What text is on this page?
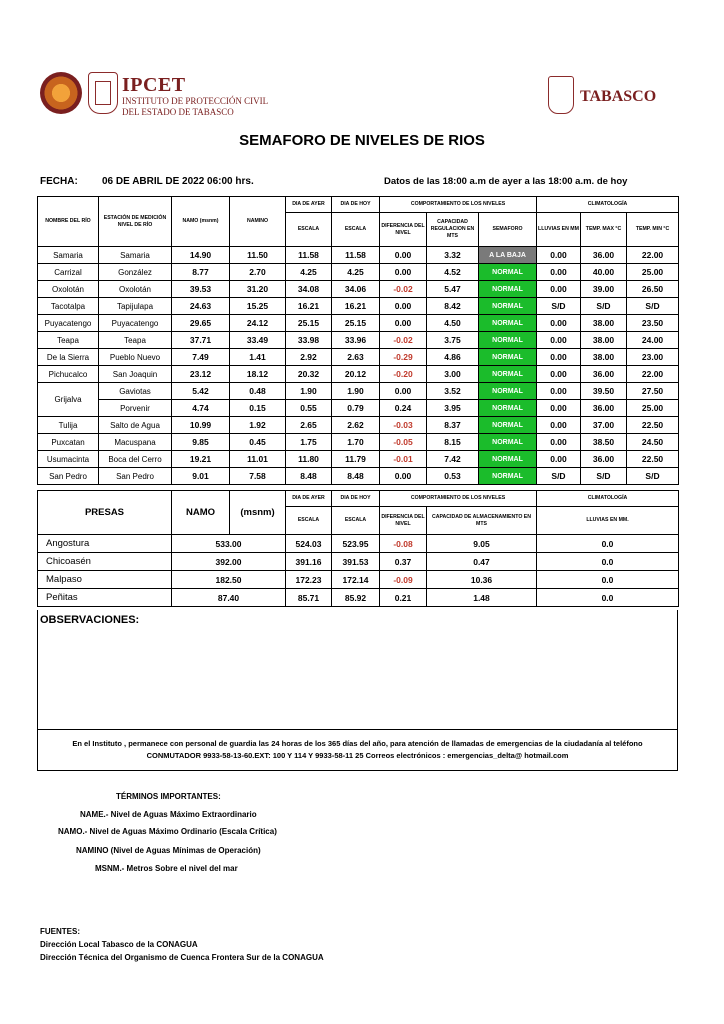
IPCET
INSTITUTO DE PROTECCIÓN CIVIL
DEL ESTADO DE TABASCO
TABASCO
SEMAFORO DE NIVELES DE RIOS
FECHA: 06 DE ABRIL DE 2022 06:00 hrs.	Datos de las 18:00 a.m de ayer a las 18:00 a.m. de hoy
NOMBRE DEL RÍO	ESTACIÓN DE MEDICIÓN NIVEL DE RÍO	NAMO (msnm)	NAMINO	DIA DE AYER	DIA DE HOY	COMPORTAMIENTO DE LOS NIVELES			CLIMATOLOGÍA		
				ESCALA	ESCALA	DIFERENCIA DEL NIVEL	CAPACIDAD REGULACION EN MTS	SEMAFORO	LLUVIAS EN MM	TEMP. MAX °C	TEMP. MIN °C
Samaria	Samaria	14.90	11.50	11.58	11.58	0.00	3.32	A LA BAJA	0.00	36.00	22.00
Carrizal	González	8.77	2.70	4.25	4.25	0.00	4.52	NORMAL	0.00	40.00	25.00
Oxolotán	Oxolotán	39.53	31.20	34.08	34.06	-0.02	5.47	NORMAL	0.00	39.00	26.50
Tacotalpa	Tapijulapa	24.63	15.25	16.21	16.21	0.00	8.42	NORMAL	S/D	S/D	S/D
Puyacatengo	Puyacatengo	29.65	24.12	25.15	25.15	0.00	4.50	NORMAL	0.00	38.00	23.50
Teapa	Teapa	37.71	33.49	33.98	33.96	-0.02	3.75	NORMAL	0.00	38.00	24.00
De la Sierra	Pueblo Nuevo	7.49	1.41	2.92	2.63	-0.29	4.86	NORMAL	0.00	38.00	23.00
Pichucalco	San Joaquin	23.12	18.12	20.32	20.12	-0.20	3.00	NORMAL	0.00	36.00	22.00
Grijalva	Gaviotas	5.42	0.48	1.90	1.90	0.00	3.52	NORMAL	0.00	39.50	27.50
	Porvenir	4.74	0.15	0.55	0.79	0.24	3.95	NORMAL	0.00	36.00	25.00
Tulija	Salto de Agua	10.99	1.92	2.65	2.62	-0.03	8.37	NORMAL	0.00	37.00	22.50
Puxcatan	Macuspana	9.85	0.45	1.75	1.70	-0.05	8.15	NORMAL	0.00	38.50	24.50
Usumacinta	Boca del Cerro	19.21	11.01	11.80	11.79	-0.01	7.42	NORMAL	0.00	36.00	22.50
San Pedro	San Pedro	9.01	7.58	8.48	8.48	0.00	0.53	NORMAL	S/D	S/D	S/D
PRESAS	NAMO	(msnm)	DIA DE AYER	DIA DE HOY	COMPORTAMIENTO DE LOS NIVELES		CLIMATOLOGÍA
			ESCALA	ESCALA	DIFERENCIA DEL NIVEL	CAPACIDAD DE ALMACENAMIENTO EN MTS	LLUVIAS EN MM.
Angostura	533.00		524.03	523.95	-0.08	9.05	0.0
Chicoasén	392.00		391.16	391.53	0.37	0.47	0.0
Malpaso	182.50		172.23	172.14	-0.09	10.36	0.0
Peñitas	87.40		85.71	85.92	0.21	1.48	0.0
OBSERVACIONES:
En el Instituto , permanece con personal de guardia las 24 horas de los 365 días del año, para atención de llamadas de emergencias de la ciudadanía al teléfono
CONMUTADOR 9933-58-13-60.EXT: 100 Y 114 Y 9933-58-11 25 Correos electrónicos : emergencias_delta@ hotmail.com
TÉRMINOS IMPORTANTES:
NAME.- Nivel de Aguas Máximo Extraordinario
NAMO.- Nivel de Aguas Máximo Ordinario (Escala Crítica)
NAMINO (Nivel de Aguas Mínimas de Operación)
MSNM.- Metros Sobre el nivel del mar
FUENTES:
Dirección Local Tabasco de la CONAGUA
Dirección Técnica del Organismo de Cuenca Frontera Sur de la CONAGUA
